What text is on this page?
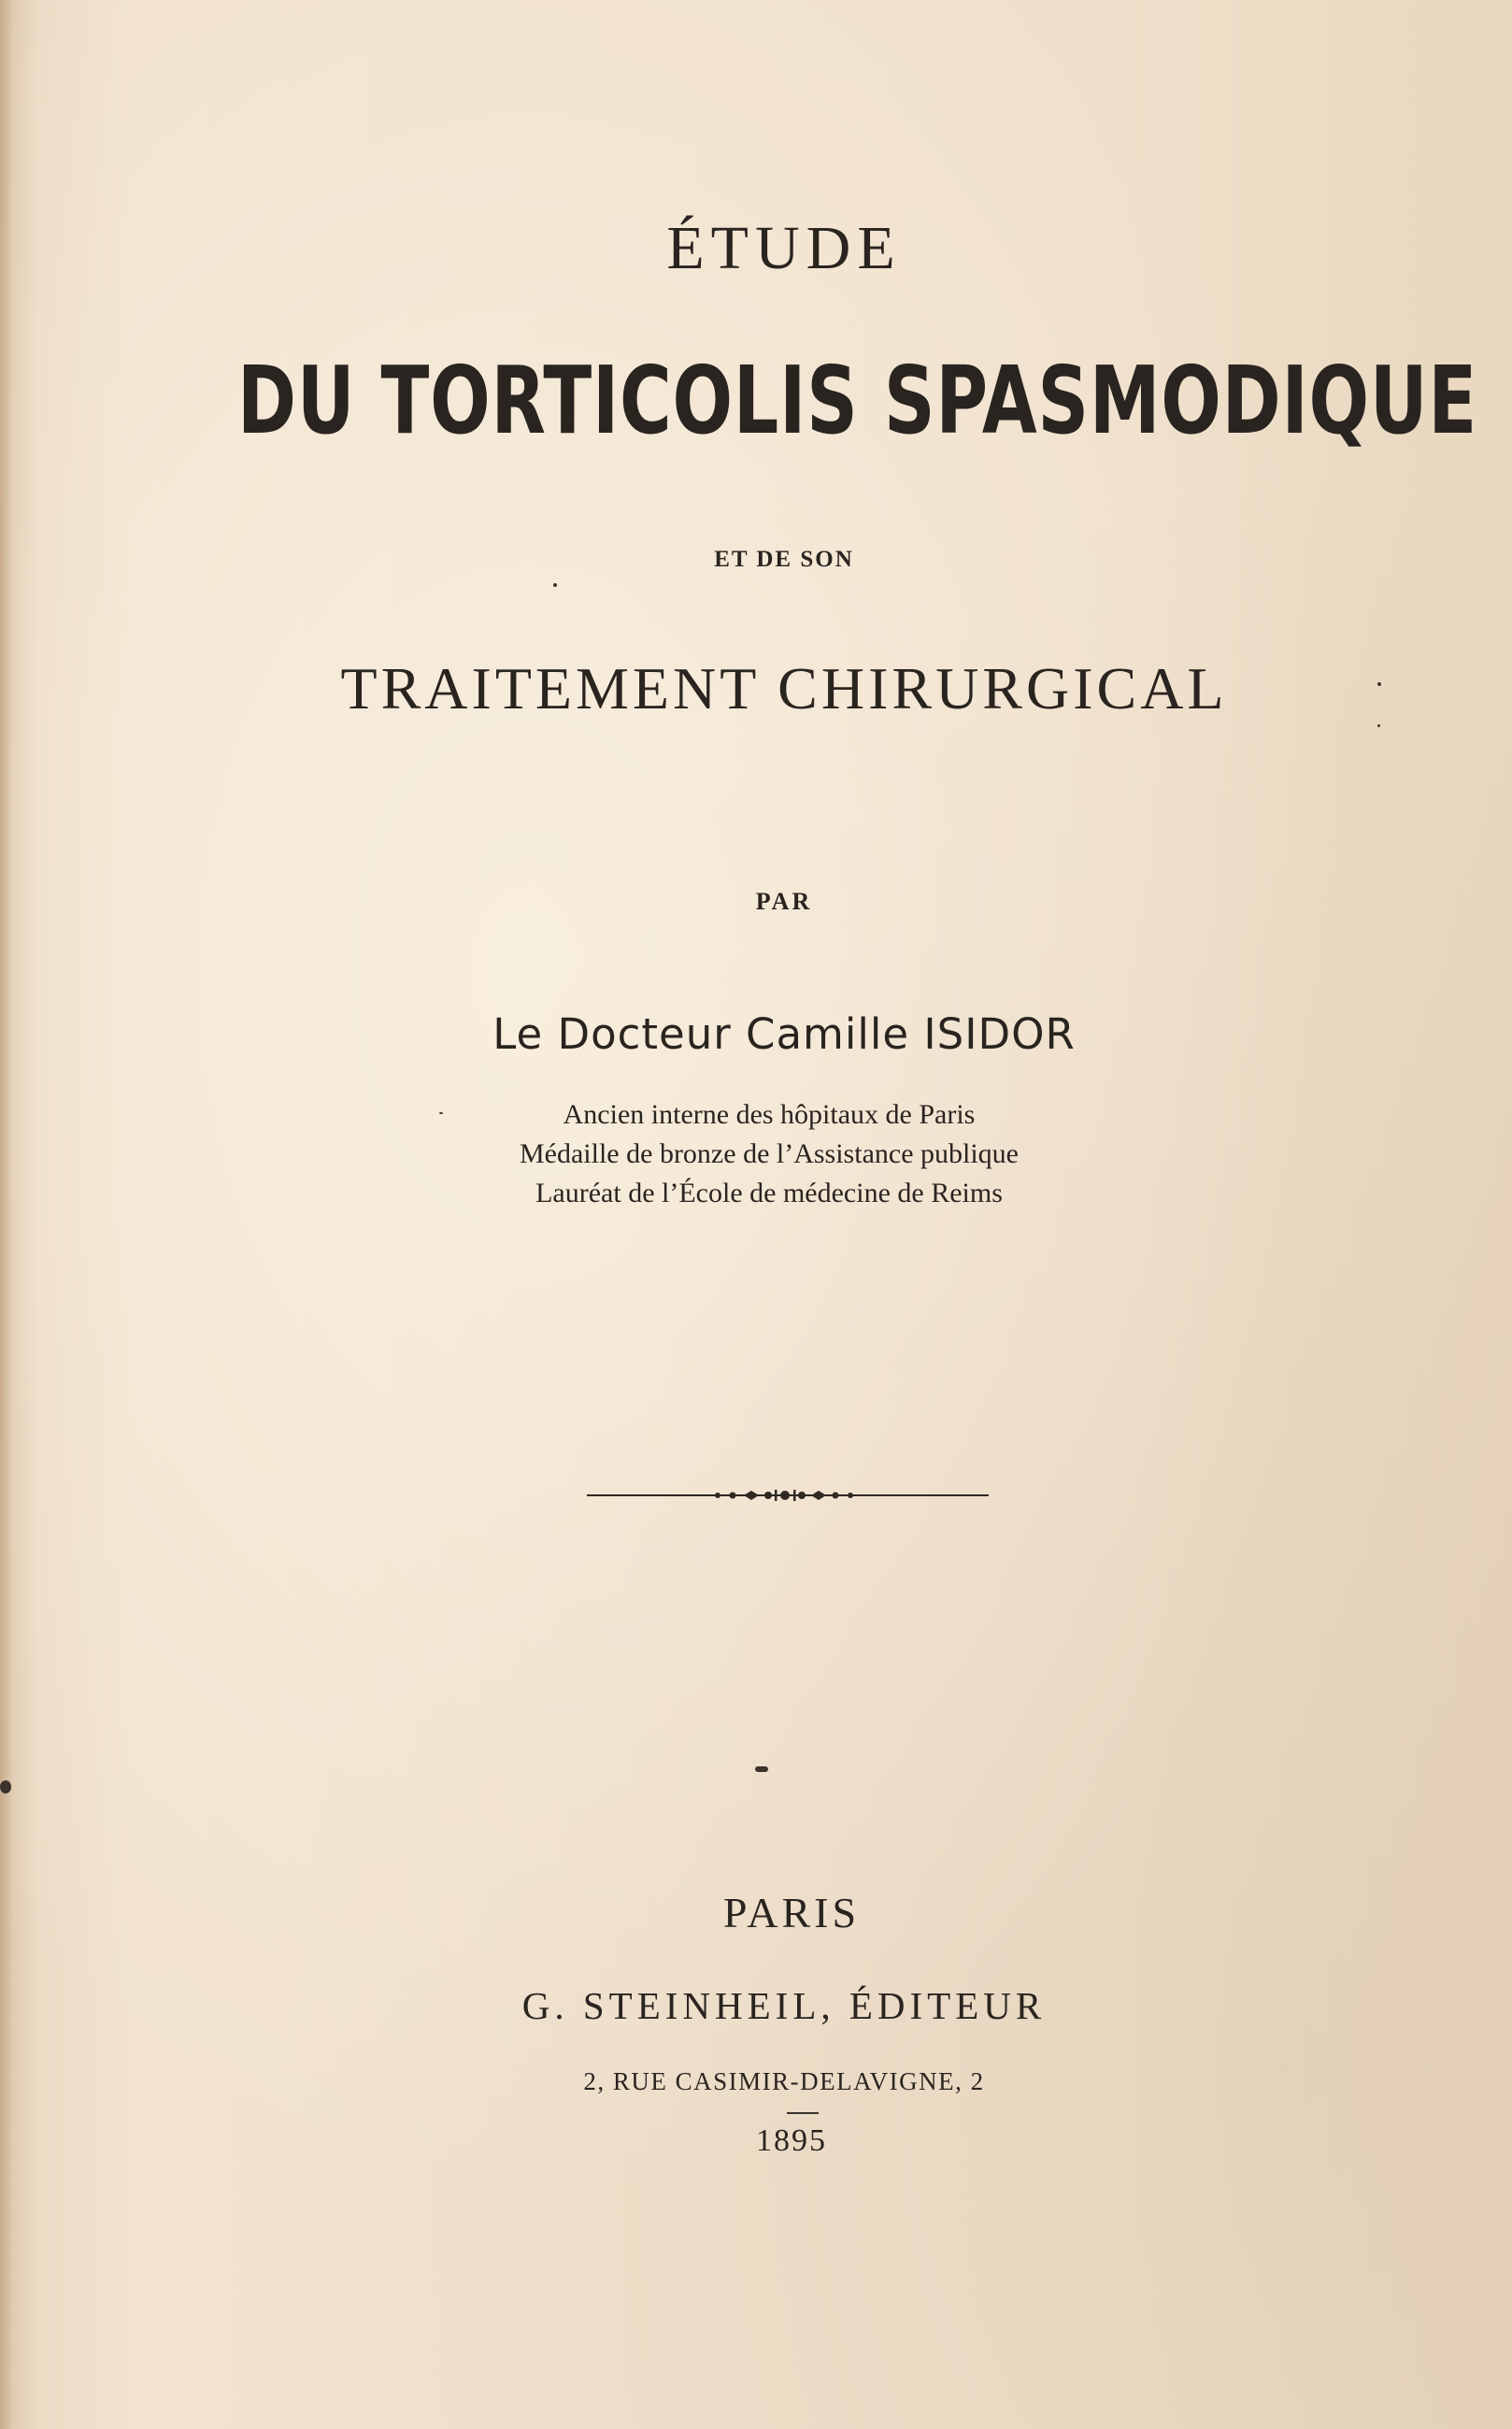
ÉTUDE
DU TORTICOLIS SPASMODIQUE
ET DE SON
TRAITEMENT CHIRURGICAL
PAR
Le Docteur Camille ISIDOR
Ancien interne des hôpitaux de Paris
Médaille de bronze de l’Assistance publique
Lauréat de l’École de médecine de Reims
PARIS
G. STEINHEIL, ÉDITEUR
2, RUE CASIMIR-DELAVIGNE, 2
1895
